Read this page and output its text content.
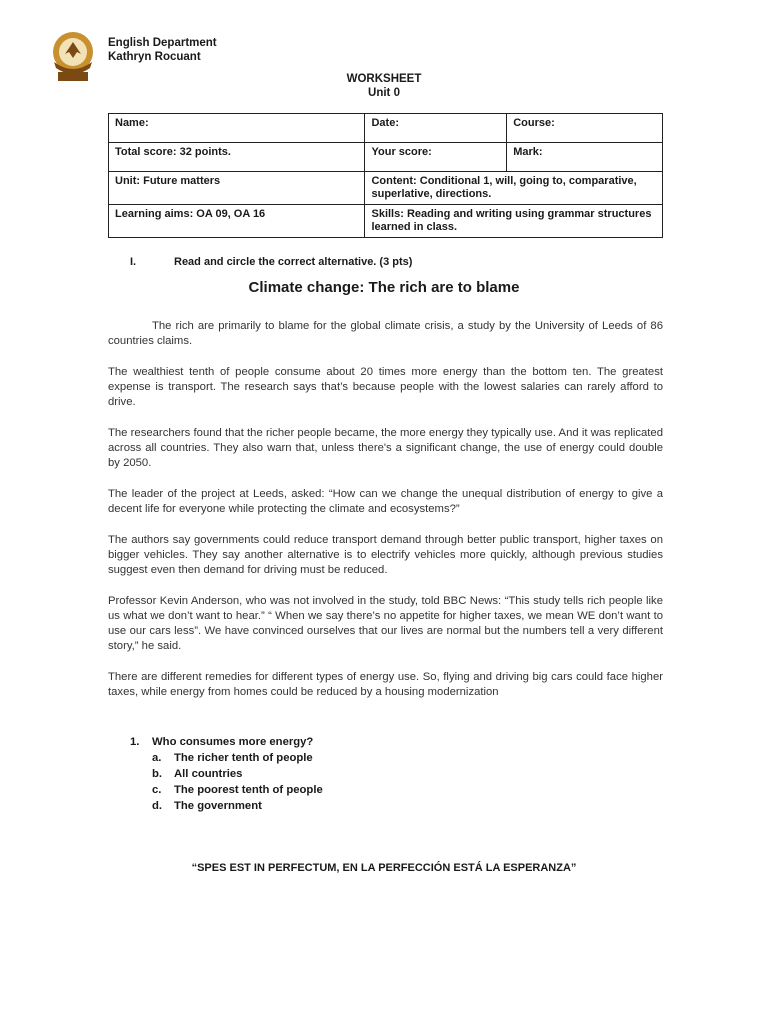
English Department
Kathryn Rocuant
WORKSHEET
Unit 0
Name:	Date:	Course:
Total score: 32 points.	Your score:	Mark:
Unit: Future matters	Content: Conditional 1, will, going to, comparative, superlative, directions.	
Learning aims: OA 09, OA 16	Skills: Reading and writing using grammar structures learned in class.	
I.	Read and circle the correct alternative. (3 pts)
Climate change: The rich are to blame

The rich are primarily to blame for the global climate crisis, a study by the University of Leeds of 86 countries claims.

The wealthiest tenth of people consume about 20 times more energy than the bottom ten. The greatest expense is transport. The research says that’s because people with the lowest salaries can rarely afford to drive.

The researchers found that the richer people became, the more energy they typically use. And it was replicated across all countries. They also warn that, unless there's a significant change, the use of energy could double by 2050.

The leader of the project at Leeds, asked: “How can we change the unequal distribution of energy to give a decent life for everyone while protecting the climate and ecosystems?”

The authors say governments could reduce transport demand through better public transport, higher taxes on bigger vehicles. They say another alternative is to electrify vehicles more quickly, although previous studies suggest even then demand for driving must be reduced.

Professor Kevin Anderson, who was not involved in the study, told BBC News: “This study tells rich people like us what we don’t want to hear.” “ When we say there’s no appetite for higher taxes, we mean WE don’t want to use our cars less”. We have convinced ourselves that our lives are normal but the numbers tell a very different story,” he said.

There are different remedies for different types of energy use. So, flying and driving big cars could face higher taxes, while energy from homes could be reduced by a housing modernization

1. Who consumes more energy?
a. The richer tenth of people
b. All countries
c. The poorest tenth of people
d. The government
“SPES EST IN PERFECTUM, EN LA PERFECCIÓN ESTÁ LA ESPERANZA”
